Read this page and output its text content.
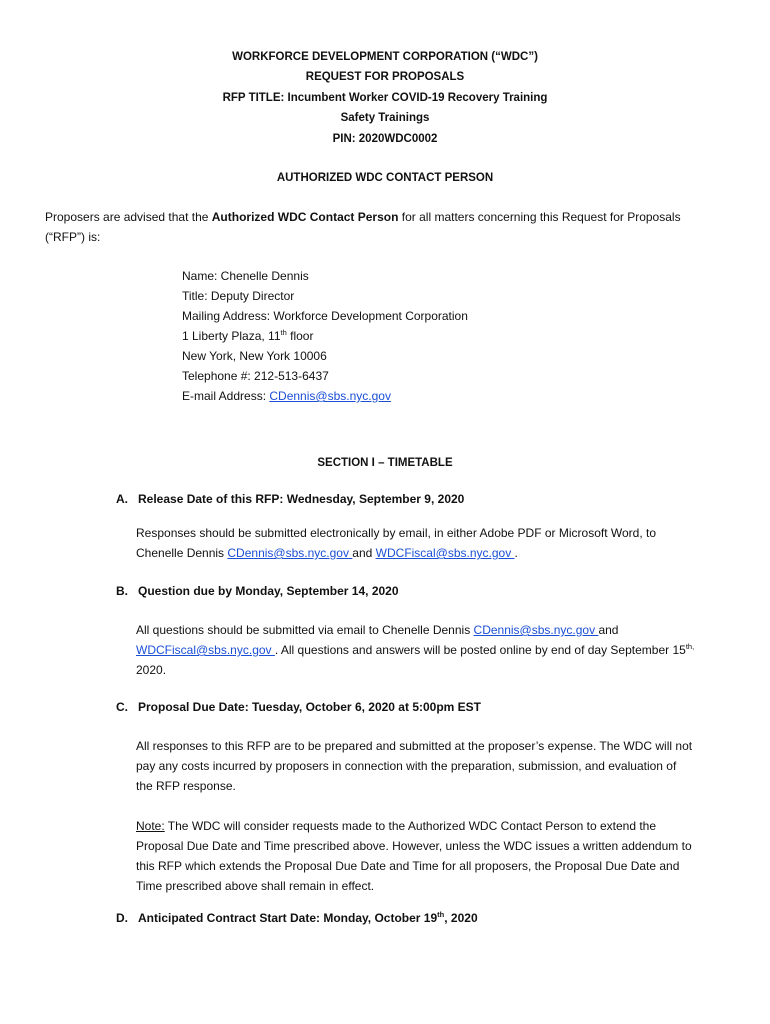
WORKFORCE DEVELOPMENT CORPORATION (“WDC”)
REQUEST FOR PROPOSALS
RFP TITLE: Incumbent Worker COVID-19 Recovery Training
Safety Trainings
PIN: 2020WDC0002
AUTHORIZED WDC CONTACT PERSON
Proposers are advised that the Authorized WDC Contact Person for all matters concerning this Request for Proposals
(“RFP”) is:
Name: Chenelle Dennis
Title: Deputy Director
Mailing Address: Workforce Development Corporation
1 Liberty Plaza, 11th floor
New York, New York 10006
Telephone #: 212-513-6437
E-mail Address: CDennis@sbs.nyc.gov
SECTION I – TIMETABLE
A. Release Date of this RFP: Wednesday, September 9, 2020
Responses should be submitted electronically by email, in either Adobe PDF or Microsoft Word, to
Chenelle Dennis CDennis@sbs.nyc.gov and WDCFiscal@sbs.nyc.gov .
B. Question due by Monday, September 14, 2020
All questions should be submitted via email to Chenelle Dennis CDennis@sbs.nyc.gov and
WDCFiscal@sbs.nyc.gov . All questions and answers will be posted online by end of day September $15^{th,}$
2020.
C. Proposal Due Date: Tuesday, October 6, 2020 at 5:00pm EST
All responses to this RFP are to be prepared and submitted at the proposer’s expense. The WDC will not
pay any costs incurred by proposers in connection with the preparation, submission, and evaluation of
the RFP response.
Note: The WDC will consider requests made to the Authorized WDC Contact Person to extend the
Proposal Due Date and Time prescribed above. However, unless the WDC issues a written addendum to
this RFP which extends the Proposal Due Date and Time for all proposers, the Proposal Due Date and
Time prescribed above shall remain in effect.
D. Anticipated Contract Start Date: Monday, October 19th, 2020
